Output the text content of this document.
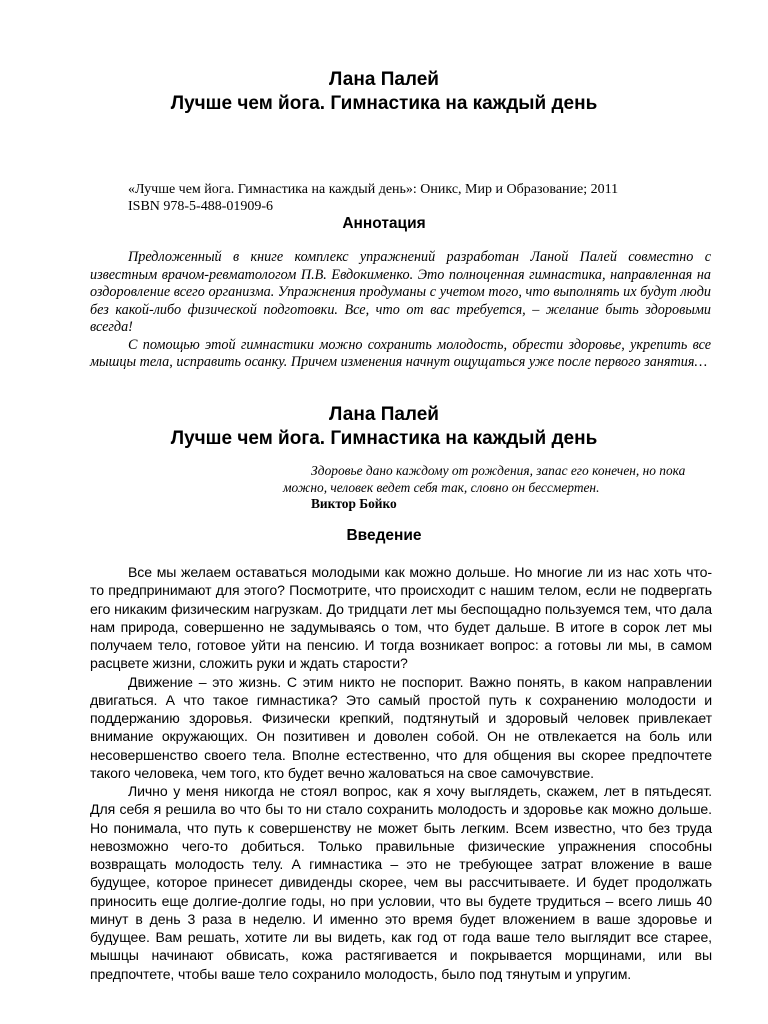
Лана Палей
Лучше чем йога. Гимнастика на каждый день
«Лучше чем йога. Гимнастика на каждый день»: Оникс, Мир и Образование; 2011
ISBN 978-5-488-01909-6
Аннотация

Предложенный в книге комплекс упражнений разработан Ланой Палей совместно с известным врачом-ревматологом П.В. Евдокименко. Это полноценная гимнастика, направленная на оздоровление всего организма. Упражнения продуманы с учетом того, что выполнять их будут люди без какой-либо физической подготовки. Все, что от вас требуется, – желание быть здоровыми всегда!

С помощью этой гимнастики можно сохранить молодость, обрести здоровье, укрепить все мышцы тела, исправить осанку. Причем изменения начнут ощущаться уже после первого занятия…

Лана Палей
Лучше чем йога. Гимнастика на каждый день

Здоровье дано каждому от рождения, запас его конечен, но пока можно, человек ведет себя так, словно он бессмертен.

Виктор Бойко
Введение

Все мы желаем оставаться молодыми как можно дольше. Но многие ли из нас хоть что-то предпринимают для этого? Посмотрите, что происходит с нашим телом, если не подвергать его никаким физическим нагрузкам. До тридцати лет мы беспощадно пользуемся тем, что дала нам природа, совершенно не задумываясь о том, что будет дальше. В итоге в сорок лет мы получаем тело, готовое уйти на пенсию. И тогда возникает вопрос: а готовы ли мы, в самом расцвете жизни, сложить руки и ждать старости?

Движение – это жизнь. С этим никто не поспорит. Важно понять, в каком направлении двигаться. А что такое гимнастика? Это самый простой путь к сохранению молодости и поддержанию здоровья. Физически крепкий, подтянутый и здоровый человек привлекает внимание окружающих. Он позитивен и доволен собой. Он не отвлекается на боль или несовершенство своего тела. Вполне естественно, что для общения вы скорее предпочтете такого человека, чем того, кто будет вечно жаловаться на свое самочувствие.

Лично у меня никогда не стоял вопрос, как я хочу выглядеть, скажем, лет в пятьдесят. Для себя я решила во что бы то ни стало сохранить молодость и здоровье как можно дольше. Но понимала, что путь к совершенству не может быть легким. Всем известно, что без труда невозможно чего-то добиться. Только правильные физические упражнения способны возвращать молодость телу. А гимнастика – это не требующее затрат вложение в ваше будущее, которое принесет дивиденды скорее, чем вы рассчитываете. И будет продолжать приносить еще долгие-долгие годы, но при условии, что вы будете трудиться – всего лишь 40 минут в день 3 раза в неделю. И именно это время будет вложением в ваше здоровье и будущее. Вам решать, хотите ли вы видеть, как год от года ваше тело выглядит все старее, мышцы начинают обвисать, кожа растягивается и покрывается морщинами, или вы предпочтете, чтобы ваше тело сохранило молодость, было под тянутым и упругим.
